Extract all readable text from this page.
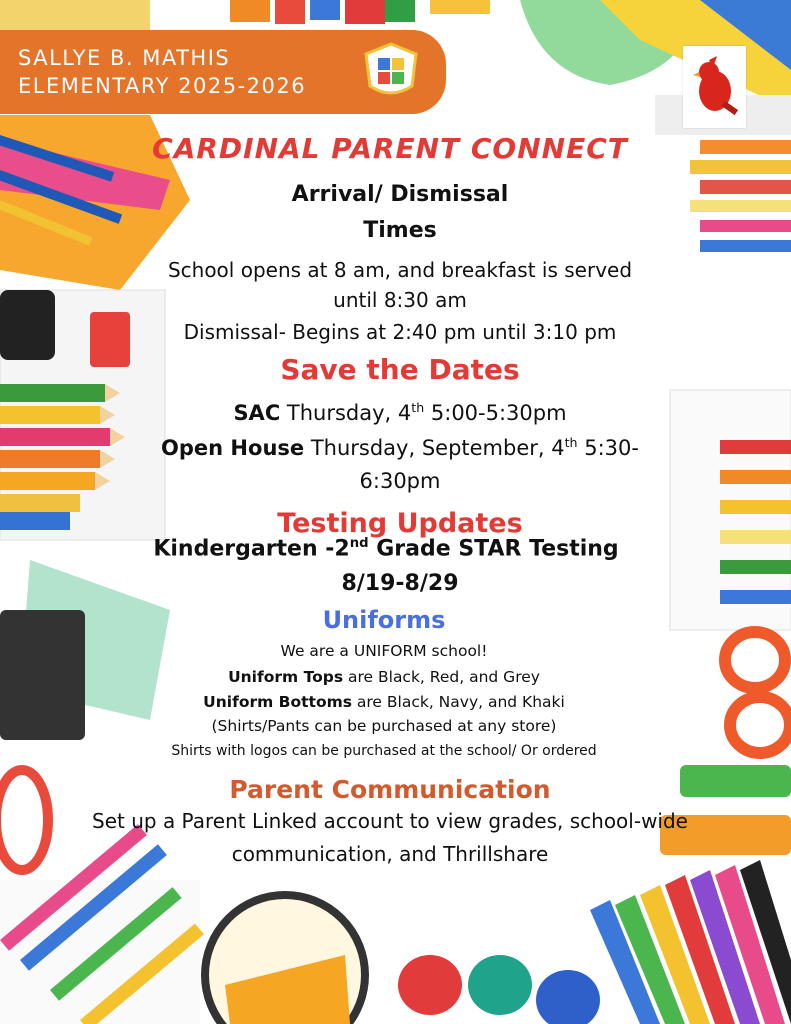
SALLYE B. MATHIS
ELEMENTARY 2025-2026
CARDINAL PARENT CONNECT
Arrival/ Dismissal
Times
School opens at 8 am, and breakfast is served
until 8:30 am
Dismissal- Begins at 2:40 pm until 3:10 pm
Save the Dates
SAC Thursday, 4th 5:00-5:30pm
Open House Thursday, September, 4th 5:30-
6:30pm
Testing Updates
Kindergarten -2nd Grade STAR Testing
8/19-8/29
Uniforms
We are a UNIFORM school!
Uniform Tops are Black, Red, and Grey
Uniform Bottoms are Black, Navy, and Khaki
(Shirts/Pants can be purchased at any store)
Shirts with logos can be purchased at the school/ Or ordered
Parent Communication
Set up a Parent Linked account to view grades, school-wide
communication, and Thrillshare
